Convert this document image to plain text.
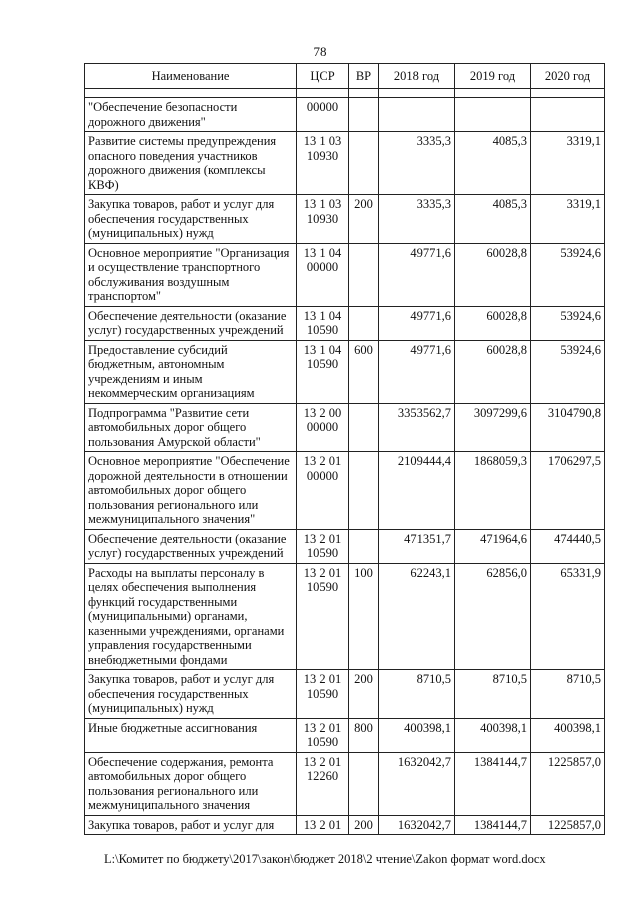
78
Наименование	ЦСР	ВР	2018 год	2019 год	2020 год

"Обеспечение безопасности дорожного движения"	00000				
Развитие системы предупреждения опасного поведения участников дорожного движения (комплексы КВФ)	13 1 03 10930		3335,3	4085,3	3319,1
Закупка товаров, работ и услуг для обеспечения государственных (муниципальных) нужд	13 1 03 10930	200	3335,3	4085,3	3319,1
Основное мероприятие "Организация и осуществление транспортного обслуживания воздушным транспортом"	13 1 04 00000		49771,6	60028,8	53924,6
Обеспечение деятельности (оказание услуг) государственных учреждений	13 1 04 10590		49771,6	60028,8	53924,6
Предоставление субсидий бюджетным, автономным учреждениям и иным некоммерческим организациям	13 1 04 10590	600	49771,6	60028,8	53924,6
Подпрограмма "Развитие сети автомобильных дорог общего пользования Амурской области"	13 2 00 00000		3353562,7	3097299,6	3104790,8
Основное мероприятие "Обеспечение дорожной деятельности в отношении автомобильных дорог общего пользования регионального или межмуниципального значения"	13 2 01 00000		2109444,4	1868059,3	1706297,5
Обеспечение деятельности (оказание услуг) государственных учреждений	13 2 01 10590		471351,7	471964,6	474440,5
Расходы на выплаты персоналу в целях обеспечения выполнения функций государственными (муниципальными) органами, казенными учреждениями, органами управления государственными внебюджетными фондами	13 2 01 10590	100	62243,1	62856,0	65331,9
Закупка товаров, работ и услуг для обеспечения государственных (муниципальных) нужд	13 2 01 10590	200	8710,5	8710,5	8710,5
Иные бюджетные ассигнования	13 2 01 10590	800	400398,1	400398,1	400398,1
Обеспечение содержания, ремонта автомобильных дорог общего пользования регионального или межмуниципального значения	13 2 01 12260		1632042,7	1384144,7	1225857,0
Закупка товаров, работ и услуг для	13 2 01	200	1632042,7	1384144,7	1225857,0
L:\Комитет по бюджету\2017\закон\бюджет 2018\2 чтение\Zakon формат word.docx
